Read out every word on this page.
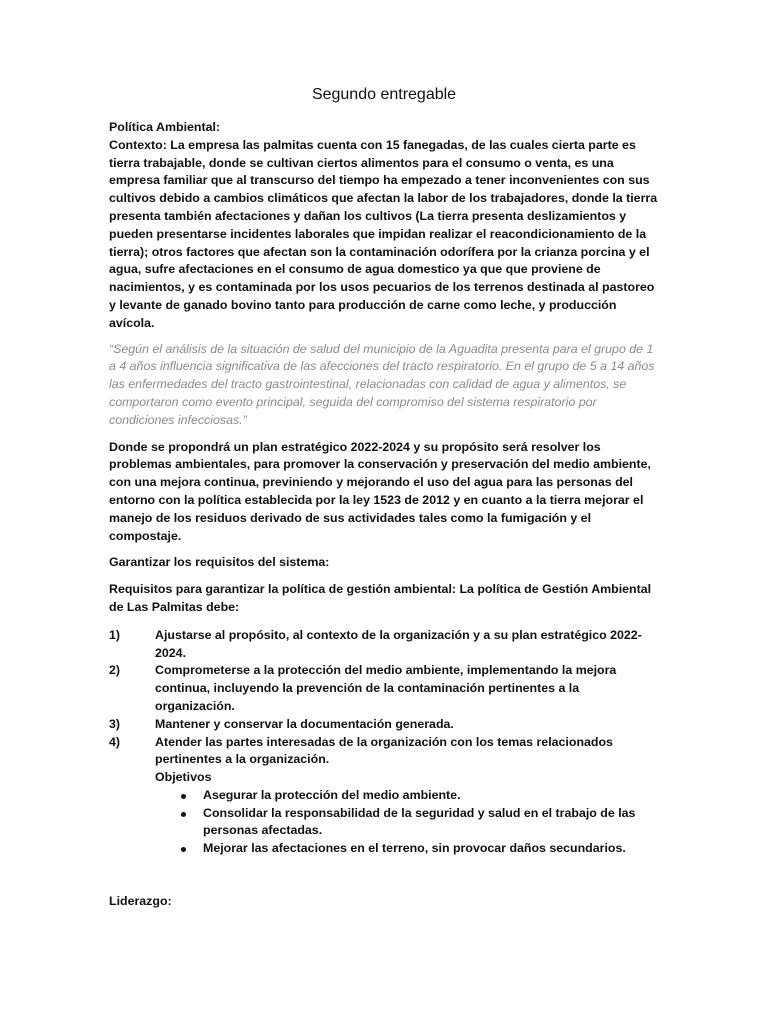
Segundo entregable

Política Ambiental:

Contexto: La empresa las palmitas cuenta con 15 fanegadas, de las cuales cierta parte es tierra trabajable, donde se cultivan ciertos alimentos para el consumo o venta, es una empresa familiar que al transcurso del tiempo ha empezado a tener inconvenientes con sus cultivos debido a cambios climáticos que afectan la labor de los trabajadores, donde la tierra presenta también afectaciones y dañan los cultivos (La tierra presenta deslizamientos y pueden presentarse incidentes laborales que impidan realizar el reacondicionamiento de la tierra); otros factores que afectan son la contaminación odorífera por la crianza porcina y el agua, sufre afectaciones en el consumo de agua domestico ya que que proviene de nacimientos, y es contaminada por los usos pecuarios de los terrenos destinada al pastoreo y levante de ganado bovino tanto para producción de carne como leche, y producción avícola.

“Según el análisis de la situación de salud del municipio de la Aguadita presenta para el grupo de 1 a 4 años influencia significativa de las afecciones del tracto respiratorio. En el grupo de 5 a 14 años las enfermedades del tracto gastrointestinal, relacionadas con calidad de agua y alimentos, se comportaron como evento principal, seguida del compromiso del sistema respiratorio por condiciones infecciosas.”

Donde se propondrá un plan estratégico 2022-2024 y su propósito será resolver los problemas ambientales, para promover la conservación y preservación del medio ambiente, con una mejora continua, previniendo y mejorando el uso del agua para las personas del entorno con la política establecida por la ley 1523 de 2012 y en cuanto a la tierra mejorar el manejo de los residuos derivado de sus actividades tales como la fumigación y el compostaje.

Garantizar los requisitos del sistema:

Requisitos para garantizar la política de gestión ambiental: La política de Gestión Ambiental de Las Palmitas debe:

1)	Ajustarse al propósito, al contexto de la organización y a su plan estratégico 2022-2024.
2)	Comprometerse a la protección del medio ambiente, implementando la mejora continua, incluyendo la prevención de la contaminación pertinentes a la organización.
3)	Mantener y conservar la documentación generada.
4)	Atender las partes interesadas de la organización con los temas relacionados pertinentes a la organización.

Objetivos

Asegurar la protección del medio ambiente.
Consolidar la responsabilidad de la seguridad y salud en el trabajo de las personas afectadas.
Mejorar las afectaciones en el terreno, sin provocar daños secundarios.

Liderazgo:
